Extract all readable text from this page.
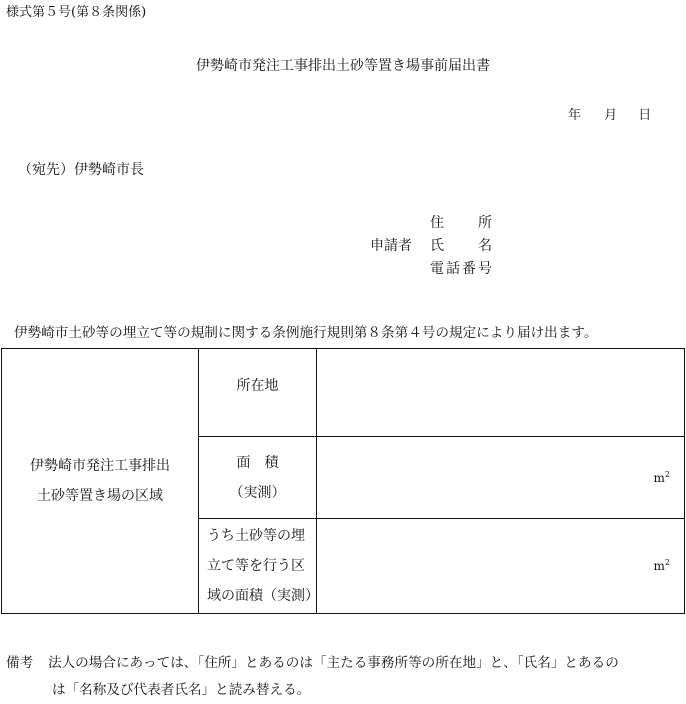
様式第５号(第８条関係)
伊勢崎市発注工事排出土砂等置き場事前届出書
年 月 日
（宛先）伊勢崎市長
住　所
申請者	氏　名
電話番号
伊勢崎市土砂等の埋立て等の規制に関する条例施行規則第８条第４号の規定により届け出ます。
伊勢崎市発注工事排出
土砂等置き場の区域	所在地	

	面　積
（実測）	$m^2$

	うち土砂等の埋
立て等を行う区
域の面積（実測）	$m^2$
備考 法人の場合にあっては、「住所」とあるのは「主たる事務所等の所在地」と、「氏名」とあるの
は「名称及び代表者氏名」と読み替える。
